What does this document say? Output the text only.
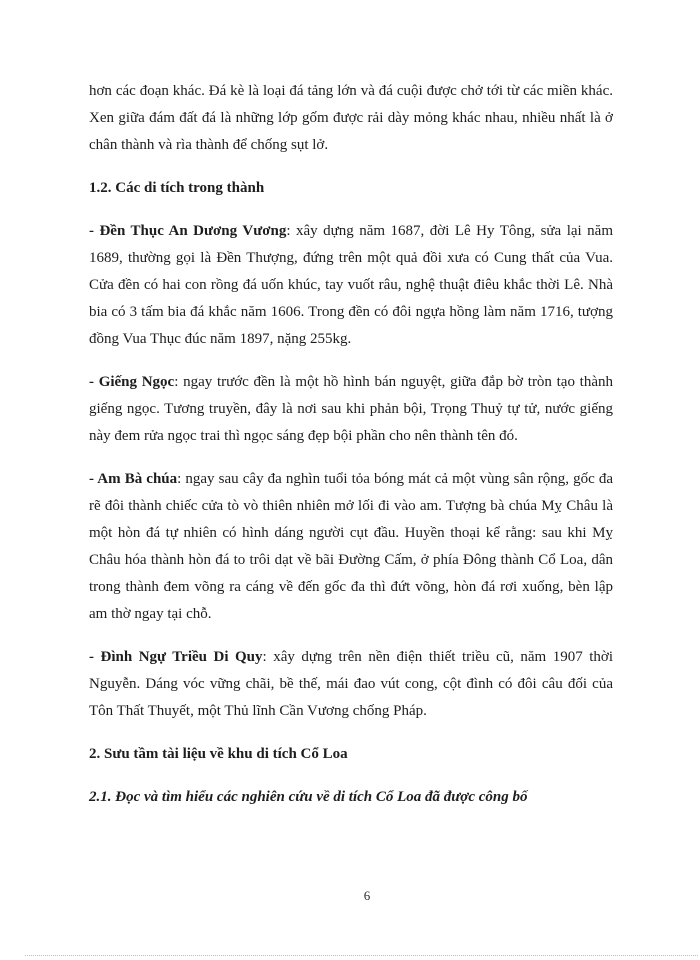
hơn các đoạn khác. Đá kè là loại đá tảng lớn và đá cuội được chở tới từ các miền khác. Xen giữa đám đất đá là những lớp gốm được rải dày mỏng khác nhau, nhiều nhất là ở chân thành và rìa thành để chống sụt lở.

1.2. Các di tích trong thành

- Đền Thục An Dương Vương: xây dựng năm 1687, đời Lê Hy Tông, sửa lại năm 1689, thường gọi là Đền Thượng, đứng trên một quả đồi xưa có Cung thất của Vua. Cửa đền có hai con rồng đá uốn khúc, tay vuốt râu, nghệ thuật điêu khắc thời Lê. Nhà bia có 3 tấm bia đá khắc năm 1606. Trong đền có đôi ngựa hồng làm năm 1716, tượng đồng Vua Thục đúc năm 1897, nặng 255kg.

- Giếng Ngọc: ngay trước đền là một hồ hình bán nguyệt, giữa đắp bờ tròn tạo thành giếng ngọc. Tương truyền, đây là nơi sau khi phản bội, Trọng Thuỷ tự tử, nước giếng này đem rửa ngọc trai thì ngọc sáng đẹp bội phần cho nên thành tên đó.

- Am Bà chúa: ngay sau cây đa nghìn tuổi tỏa bóng mát cả một vùng sân rộng, gốc đa rẽ đôi thành chiếc cửa tò vò thiên nhiên mở lối đi vào am. Tượng bà chúa Mỵ Châu là một hòn đá tự nhiên có hình dáng người cụt đầu. Huyền thoại kể rằng: sau khi Mỵ Châu hóa thành hòn đá to trôi dạt về bãi Đường Cấm, ở phía Đông thành Cổ Loa, dân trong thành đem võng ra cáng về đến gốc đa thì đứt võng, hòn đá rơi xuống, bèn lập am thờ ngay tại chỗ.

- Đình Ngự Triều Di Quy: xây dựng trên nền điện thiết triều cũ, năm 1907 thời Nguyễn. Dáng vóc vững chãi, bề thế, mái đao vút cong, cột đình có đôi câu đối của Tôn Thất Thuyết, một Thủ lĩnh Cần Vương chống Pháp.

2. Sưu tầm tài liệu về khu di tích Cổ Loa
2.1. Đọc và tìm hiểu các nghiên cứu về di tích Cổ Loa đã được công bố
6
